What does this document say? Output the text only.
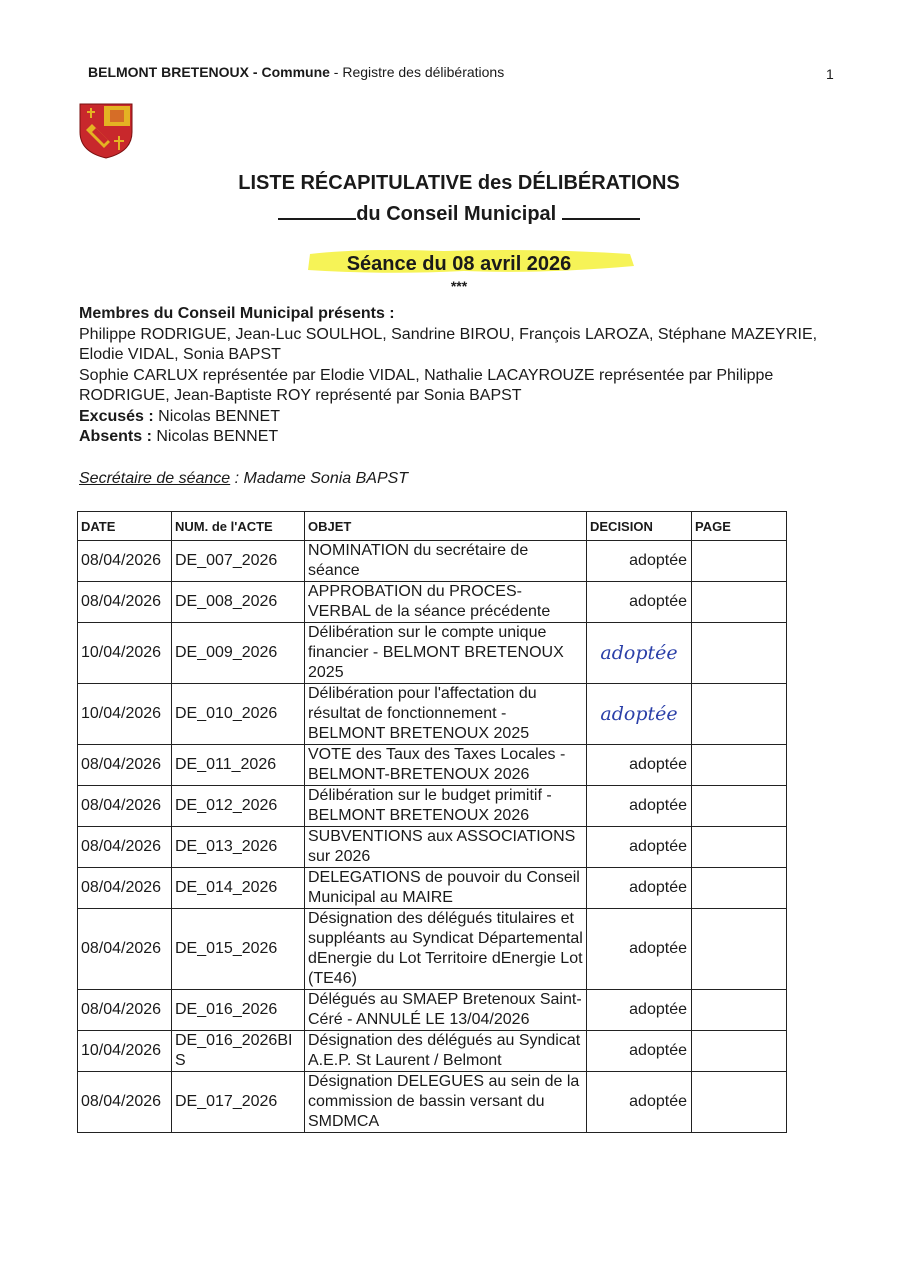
BELMONT BRETENOUX - Commune - Registre des délibérations	1
LISTE RÉCAPITULATIVE des DÉLIBÉRATIONS
du Conseil Municipal
Séance du 08 avril 2026
***
Membres du Conseil Municipal présents :
Philippe RODRIGUE, Jean-Luc SOULHOL, Sandrine BIROU, François LAROZA, Stéphane MAZEYRIE, Elodie VIDAL, Sonia BAPST
Sophie CARLUX représentée par Elodie VIDAL, Nathalie LACAYROUZE représentée par Philippe RODRIGUE, Jean-Baptiste ROY représenté par Sonia BAPST
Excusés : Nicolas BENNET
Absents : Nicolas BENNET
Secrétaire de séance : Madame Sonia BAPST
DATE	NUM. de l'ACTE	OBJET	DECISION	PAGE
08/04/2026	DE_007_2026	NOMINATION du secrétaire de séance	adoptée	
08/04/2026	DE_008_2026	APPROBATION du PROCES-VERBAL de la séance précédente	adoptée	
10/04/2026	DE_009_2026	Délibération sur le compte unique financier - BELMONT BRETENOUX 2025	adoptée	
10/04/2026	DE_010_2026	Délibération pour l'affectation du résultat de fonctionnement - BELMONT BRETENOUX 2025	adoptée	
08/04/2026	DE_011_2026	VOTE des Taux des Taxes Locales - BELMONT-BRETENOUX 2026	adoptée	
08/04/2026	DE_012_2026	Délibération sur le budget primitif - BELMONT BRETENOUX 2026	adoptée	
08/04/2026	DE_013_2026	SUBVENTIONS aux ASSOCIATIONS sur 2026	adoptée	
08/04/2026	DE_014_2026	DELEGATIONS de pouvoir du Conseil Municipal au MAIRE	adoptée	
08/04/2026	DE_015_2026	Désignation des délégués titulaires et suppléants au Syndicat Départemental dEnergie du Lot Territoire dEnergie Lot (TE46)	adoptée	
08/04/2026	DE_016_2026	Délégués au SMAEP Bretenoux Saint-Céré - ANNULÉ LE 13/04/2026	adoptée	
10/04/2026	DE_016_2026BIS	Désignation des délégués au Syndicat A.E.P. St Laurent / Belmont	adoptée	
08/04/2026	DE_017_2026	Désignation DELEGUES au sein de la commission de bassin versant du SMDMCA	adoptée	
